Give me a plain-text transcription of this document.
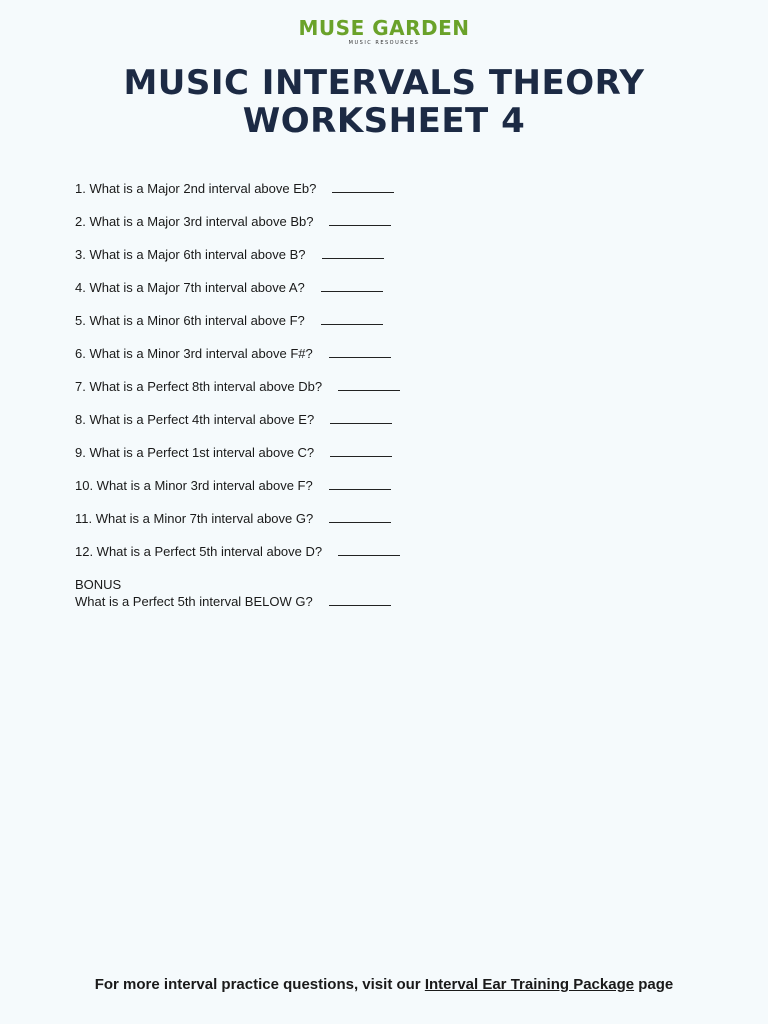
MUSE GARDEN
MUSIC RESOURCES
MUSIC INTERVALS THEORY
WORKSHEET 4
1. What is a Major 2nd interval above Eb?
2. What is a Major 3rd interval above Bb?
3. What is a Major 6th interval above B?
4. What is a Major 7th interval above A?
5. What is a Minor 6th interval above F?
6. What is a Minor 3rd interval above F#?
7. What is a Perfect 8th interval above Db?
8. What is a Perfect 4th interval above E?
9. What is a Perfect 1st interval above C?
10. What is a Minor 3rd interval above F?
11. What is a Minor 7th interval above G?
12. What is a Perfect 5th interval above D?
BONUS
What is a Perfect 5th interval BELOW G?
For more interval practice questions, visit our Interval Ear Training Package page
